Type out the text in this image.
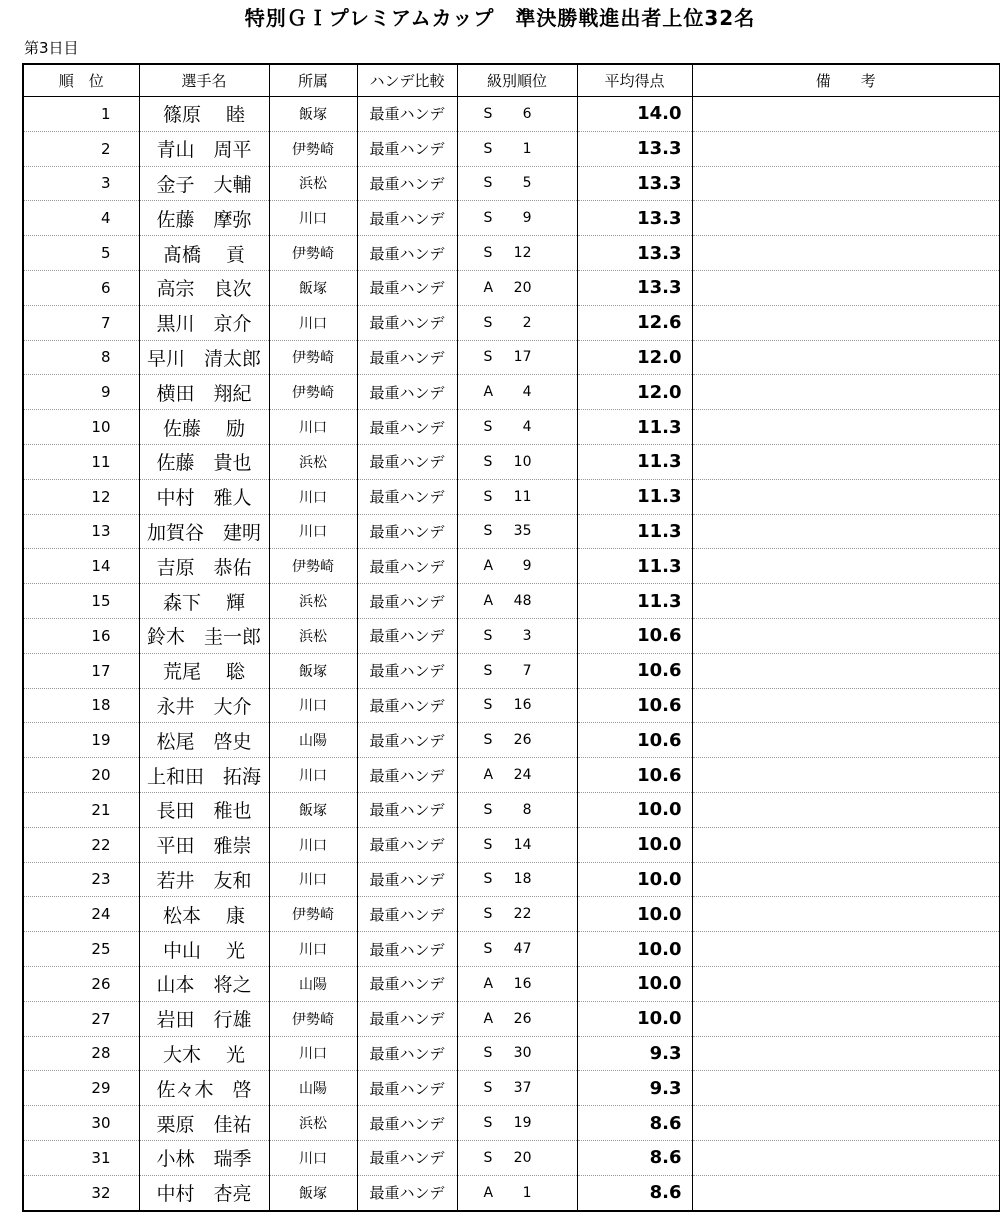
特別ＧＩプレミアムカップ　準決勝戦進出者上位32名
第3日目
順　位	選手名	所属	ハンデ比較	級別順位	平均得点	備　　考
1	篠原　 睦	飯塚	最重ハンデ	S 6	14.0	
2	青山　周平	伊勢崎	最重ハンデ	S 1	13.3	
3	金子　大輔	浜松	最重ハンデ	S 5	13.3	
4	佐藤　摩弥	川口	最重ハンデ	S 9	13.3	
5	髙橋　 貢	伊勢崎	最重ハンデ	S 12	13.3	
6	高宗　良次	飯塚	最重ハンデ	A 20	13.3	
7	黒川　京介	川口	最重ハンデ	S 2	12.6	
8	早川　清太郎	伊勢崎	最重ハンデ	S 17	12.0	
9	横田　翔紀	伊勢崎	最重ハンデ	A 4	12.0	
10	佐藤　 励	川口	最重ハンデ	S 4	11.3	
11	佐藤　貴也	浜松	最重ハンデ	S 10	11.3	
12	中村　雅人	川口	最重ハンデ	S 11	11.3	
13	加賀谷　建明	川口	最重ハンデ	S 35	11.3	
14	吉原　恭佑	伊勢崎	最重ハンデ	A 9	11.3	
15	森下　 輝	浜松	最重ハンデ	A 48	11.3	
16	鈴木　圭一郎	浜松	最重ハンデ	S 3	10.6	
17	荒尾　 聡	飯塚	最重ハンデ	S 7	10.6	
18	永井　大介	川口	最重ハンデ	S 16	10.6	
19	松尾　啓史	山陽	最重ハンデ	S 26	10.6	
20	上和田　拓海	川口	最重ハンデ	A 24	10.6	
21	長田　稚也	飯塚	最重ハンデ	S 8	10.0	
22	平田　雅崇	川口	最重ハンデ	S 14	10.0	
23	若井　友和	川口	最重ハンデ	S 18	10.0	
24	松本　 康	伊勢崎	最重ハンデ	S 22	10.0	
25	中山　 光	川口	最重ハンデ	S 47	10.0	
26	山本　将之	山陽	最重ハンデ	A 16	10.0	
27	岩田　行雄	伊勢崎	最重ハンデ	A 26	10.0	
28	大木　 光	川口	最重ハンデ	S 30	9.3	
29	佐々木　啓	山陽	最重ハンデ	S 37	9.3	
30	栗原　佳祐	浜松	最重ハンデ	S 19	8.6	
31	小林　瑞季	川口	最重ハンデ	S 20	8.6	
32	中村　杏亮	飯塚	最重ハンデ	A 1	8.6	
